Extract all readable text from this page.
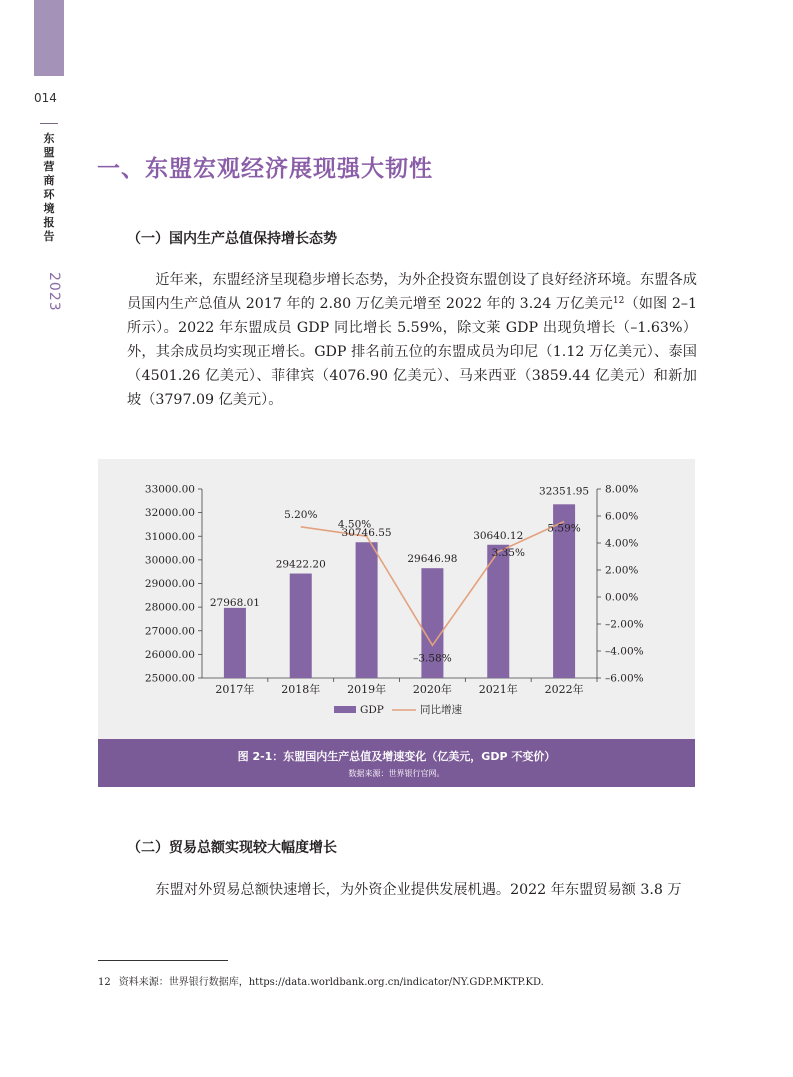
014
东盟营商环境报告
2023
一、东盟宏观经济展现强大韧性
（一）国内生产总值保持增长态势

近年来，东盟经济呈现稳步增长态势，为外企投资东盟创设了良好经济环境。东盟各成员国内生产总值从 2017 年的 2.80 万亿美元增至 2022 年的 3.24 万亿美元$^{12}$（如图 2–1 所示）。2022 年东盟成员 GDP 同比增长 5.59%，除文莱 GDP 出现负增长（–1.63%）外，其余成员均实现正增长。GDP 排名前五位的东盟成员为印尼（1.12 万亿美元）、泰国（4501.26 亿美元）、菲律宾（4076.90 亿美元）、马来西亚（3859.44 亿美元）和新加坡（3797.09 亿美元）。

25000.00
26000.00
27000.00
28000.00
29000.00
30000.00
31000.00
32000.00
33000.00
–6.00%
–4.00%
–2.00%
0.00%
2.00%
4.00%
6.00%
8.00%
2017年 2018年 2019年 2020年 2021年 2022年
27968.01
29422.20
30746.55
29646.98
30640.12
32351.95
5.20%
4.50%
–3.58%
3.35%
5.59%
GDP	同比增速
图 2-1：东盟国内生产总值及增速变化（亿美元，GDP 不变价）
数据来源：世界银行官网。
（二）贸易总额实现较大幅度增长

东盟对外贸易总额快速增长，为外资企业提供发展机遇。2022 年东盟贸易额 3.8 万

12 资料来源：世界银行数据库，https://data.worldbank.org.cn/indicator/NY.GDP.MKTP.KD.
